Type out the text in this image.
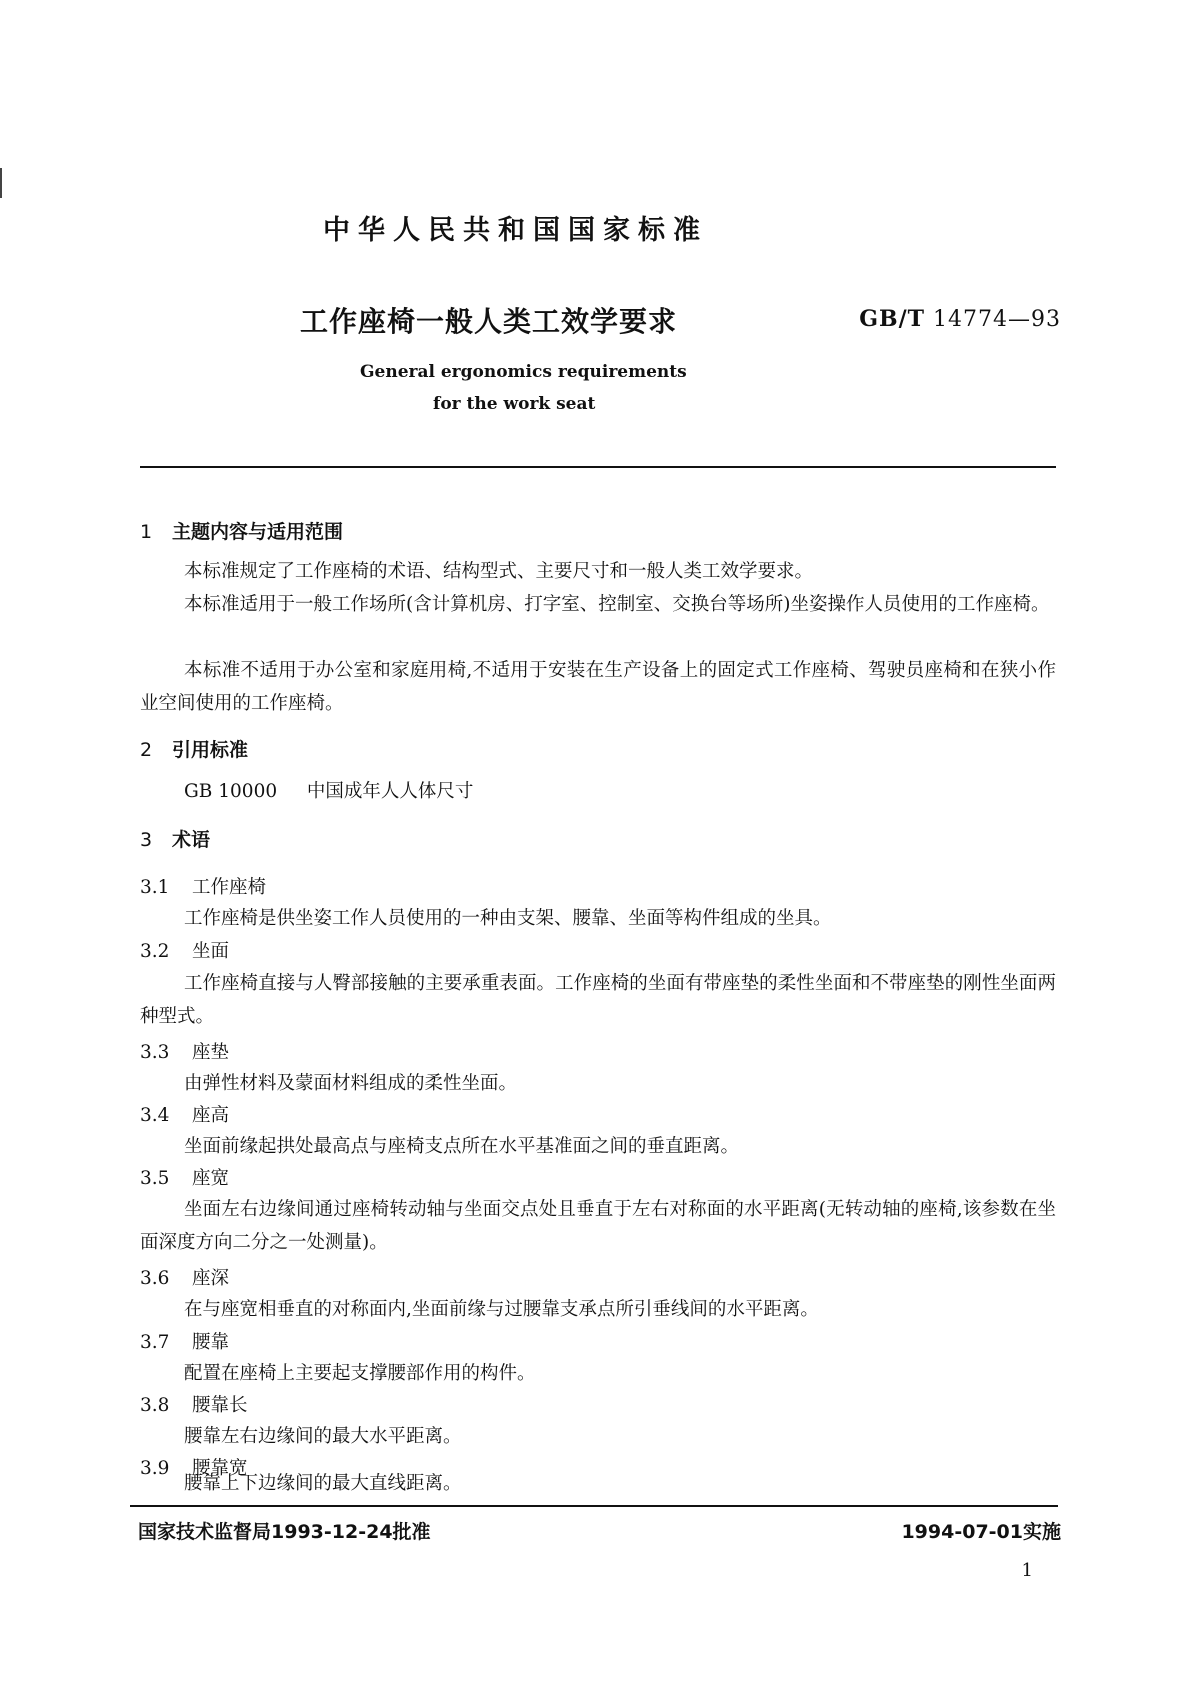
中华人民共和国国家标准
工作座椅一般人类工效学要求	GB/T 14774—93
General ergonomics requirements
for the work seat
1 主题内容与适用范围
本标准规定了工作座椅的术语、结构型式、主要尺寸和一般人类工效学要求。
本标准适用于一般工作场所(含计算机房、打字室、控制室、交换台等场所)坐姿操作人员使用的工作座椅。
本标准不适用于办公室和家庭用椅,不适用于安装在生产设备上的固定式工作座椅、驾驶员座椅和在狭小作业空间使用的工作座椅。
2 引用标准
GB 10000 中国成年人人体尺寸
3 术语
3.1 工作座椅
工作座椅是供坐姿工作人员使用的一种由支架、腰靠、坐面等构件组成的坐具。
3.2 坐面
工作座椅直接与人臀部接触的主要承重表面。工作座椅的坐面有带座垫的柔性坐面和不带座垫的刚性坐面两种型式。
3.3 座垫
由弹性材料及蒙面材料组成的柔性坐面。
3.4 座高
坐面前缘起拱处最高点与座椅支点所在水平基准面之间的垂直距离。
3.5 座宽
坐面左右边缘间通过座椅转动轴与坐面交点处且垂直于左右对称面的水平距离(无转动轴的座椅,该参数在坐面深度方向二分之一处测量)。
3.6 座深
在与座宽相垂直的对称面内,坐面前缘与过腰靠支承点所引垂线间的水平距离。
3.7 腰靠
配置在座椅上主要起支撑腰部作用的构件。
3.8 腰靠长
腰靠左右边缘间的最大水平距离。
3.9 腰靠宽
腰靠上下边缘间的最大直线距离。
国家技术监督局1993-12-24批准	1994-07-01实施
1
